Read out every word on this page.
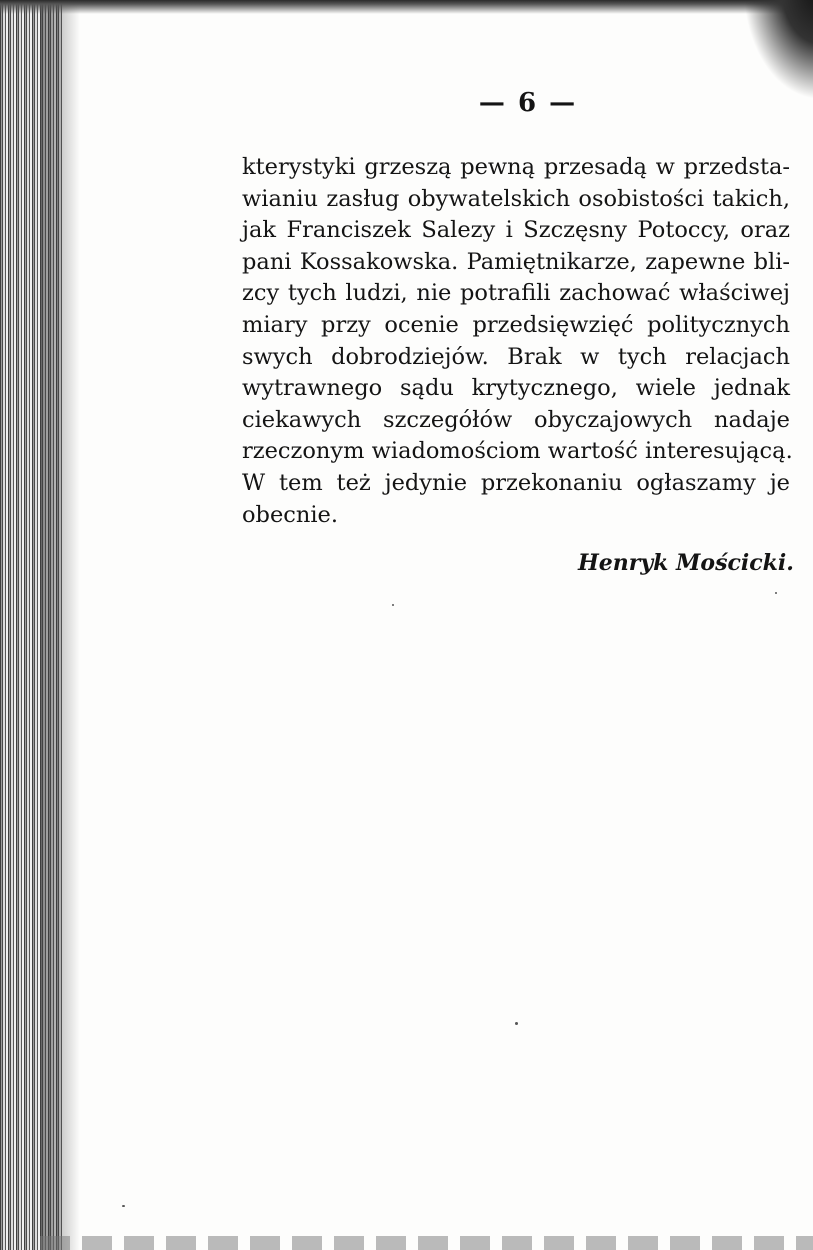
— 6 —
kterystyki grzeszą pewną przesadą w przedsta-
wianiu zasług obywatelskich osobistości takich,
jak Franciszek Salezy i Szczęsny Potoccy, oraz
pani Kossakowska. Pamiętnikarze, zapewne bli-
zcy tych ludzi, nie potrafili zachować właściwej
miary przy ocenie przedsięwzięć politycznych
swych dobrodziejów. Brak w tych relacjach
wytrawnego sądu krytycznego, wiele jednak
ciekawych szczegółów obyczajowych nadaje
rzeczonym wiadomościom wartość interesującą.
W tem też jedynie przekonaniu ogłaszamy je
obecnie.
Henryk Mościcki.
